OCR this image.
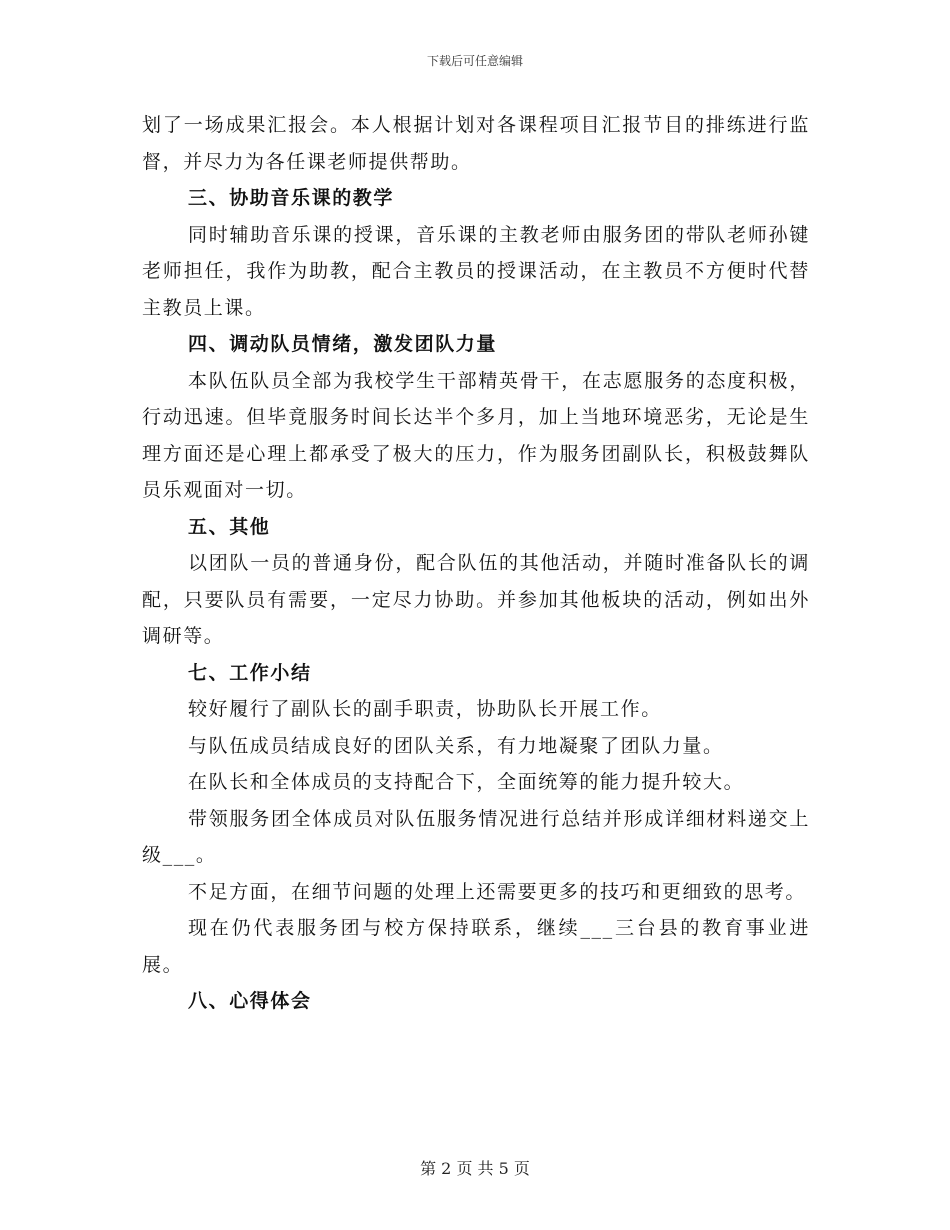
下载后可任意编辑

划了一场成果汇报会。本人根据计划对各课程项目汇报节目的排练进行监督，并尽力为各任课老师提供帮助。

三、协助音乐课的教学

同时辅助音乐课的授课，音乐课的主教老师由服务团的带队老师孙键老师担任，我作为助教，配合主教员的授课活动，在主教员不方便时代替主教员上课。

四、调动队员情绪，激发团队力量

本队伍队员全部为我校学生干部精英骨干，在志愿服务的态度积极，行动迅速。但毕竟服务时间长达半个多月，加上当地环境恶劣，无论是生理方面还是心理上都承受了极大的压力，作为服务团副队长，积极鼓舞队员乐观面对一切。

五、其他

以团队一员的普通身份，配合队伍的其他活动，并随时准备队长的调配，只要队员有需要，一定尽力协助。并参加其他板块的活动，例如出外调研等。

七、工作小结

较好履行了副队长的副手职责，协助队长开展工作。

与队伍成员结成良好的团队关系，有力地凝聚了团队力量。

在队长和全体成员的支持配合下，全面统筹的能力提升较大。

带领服务团全体成员对队伍服务情况进行总结并形成详细材料递交上级___。

不足方面，在细节问题的处理上还需要更多的技巧和更细致的思考。

现在仍代表服务团与校方保持联系，继续___三台县的教育事业进展。

八、心得体会

第 2 页 共 5 页
